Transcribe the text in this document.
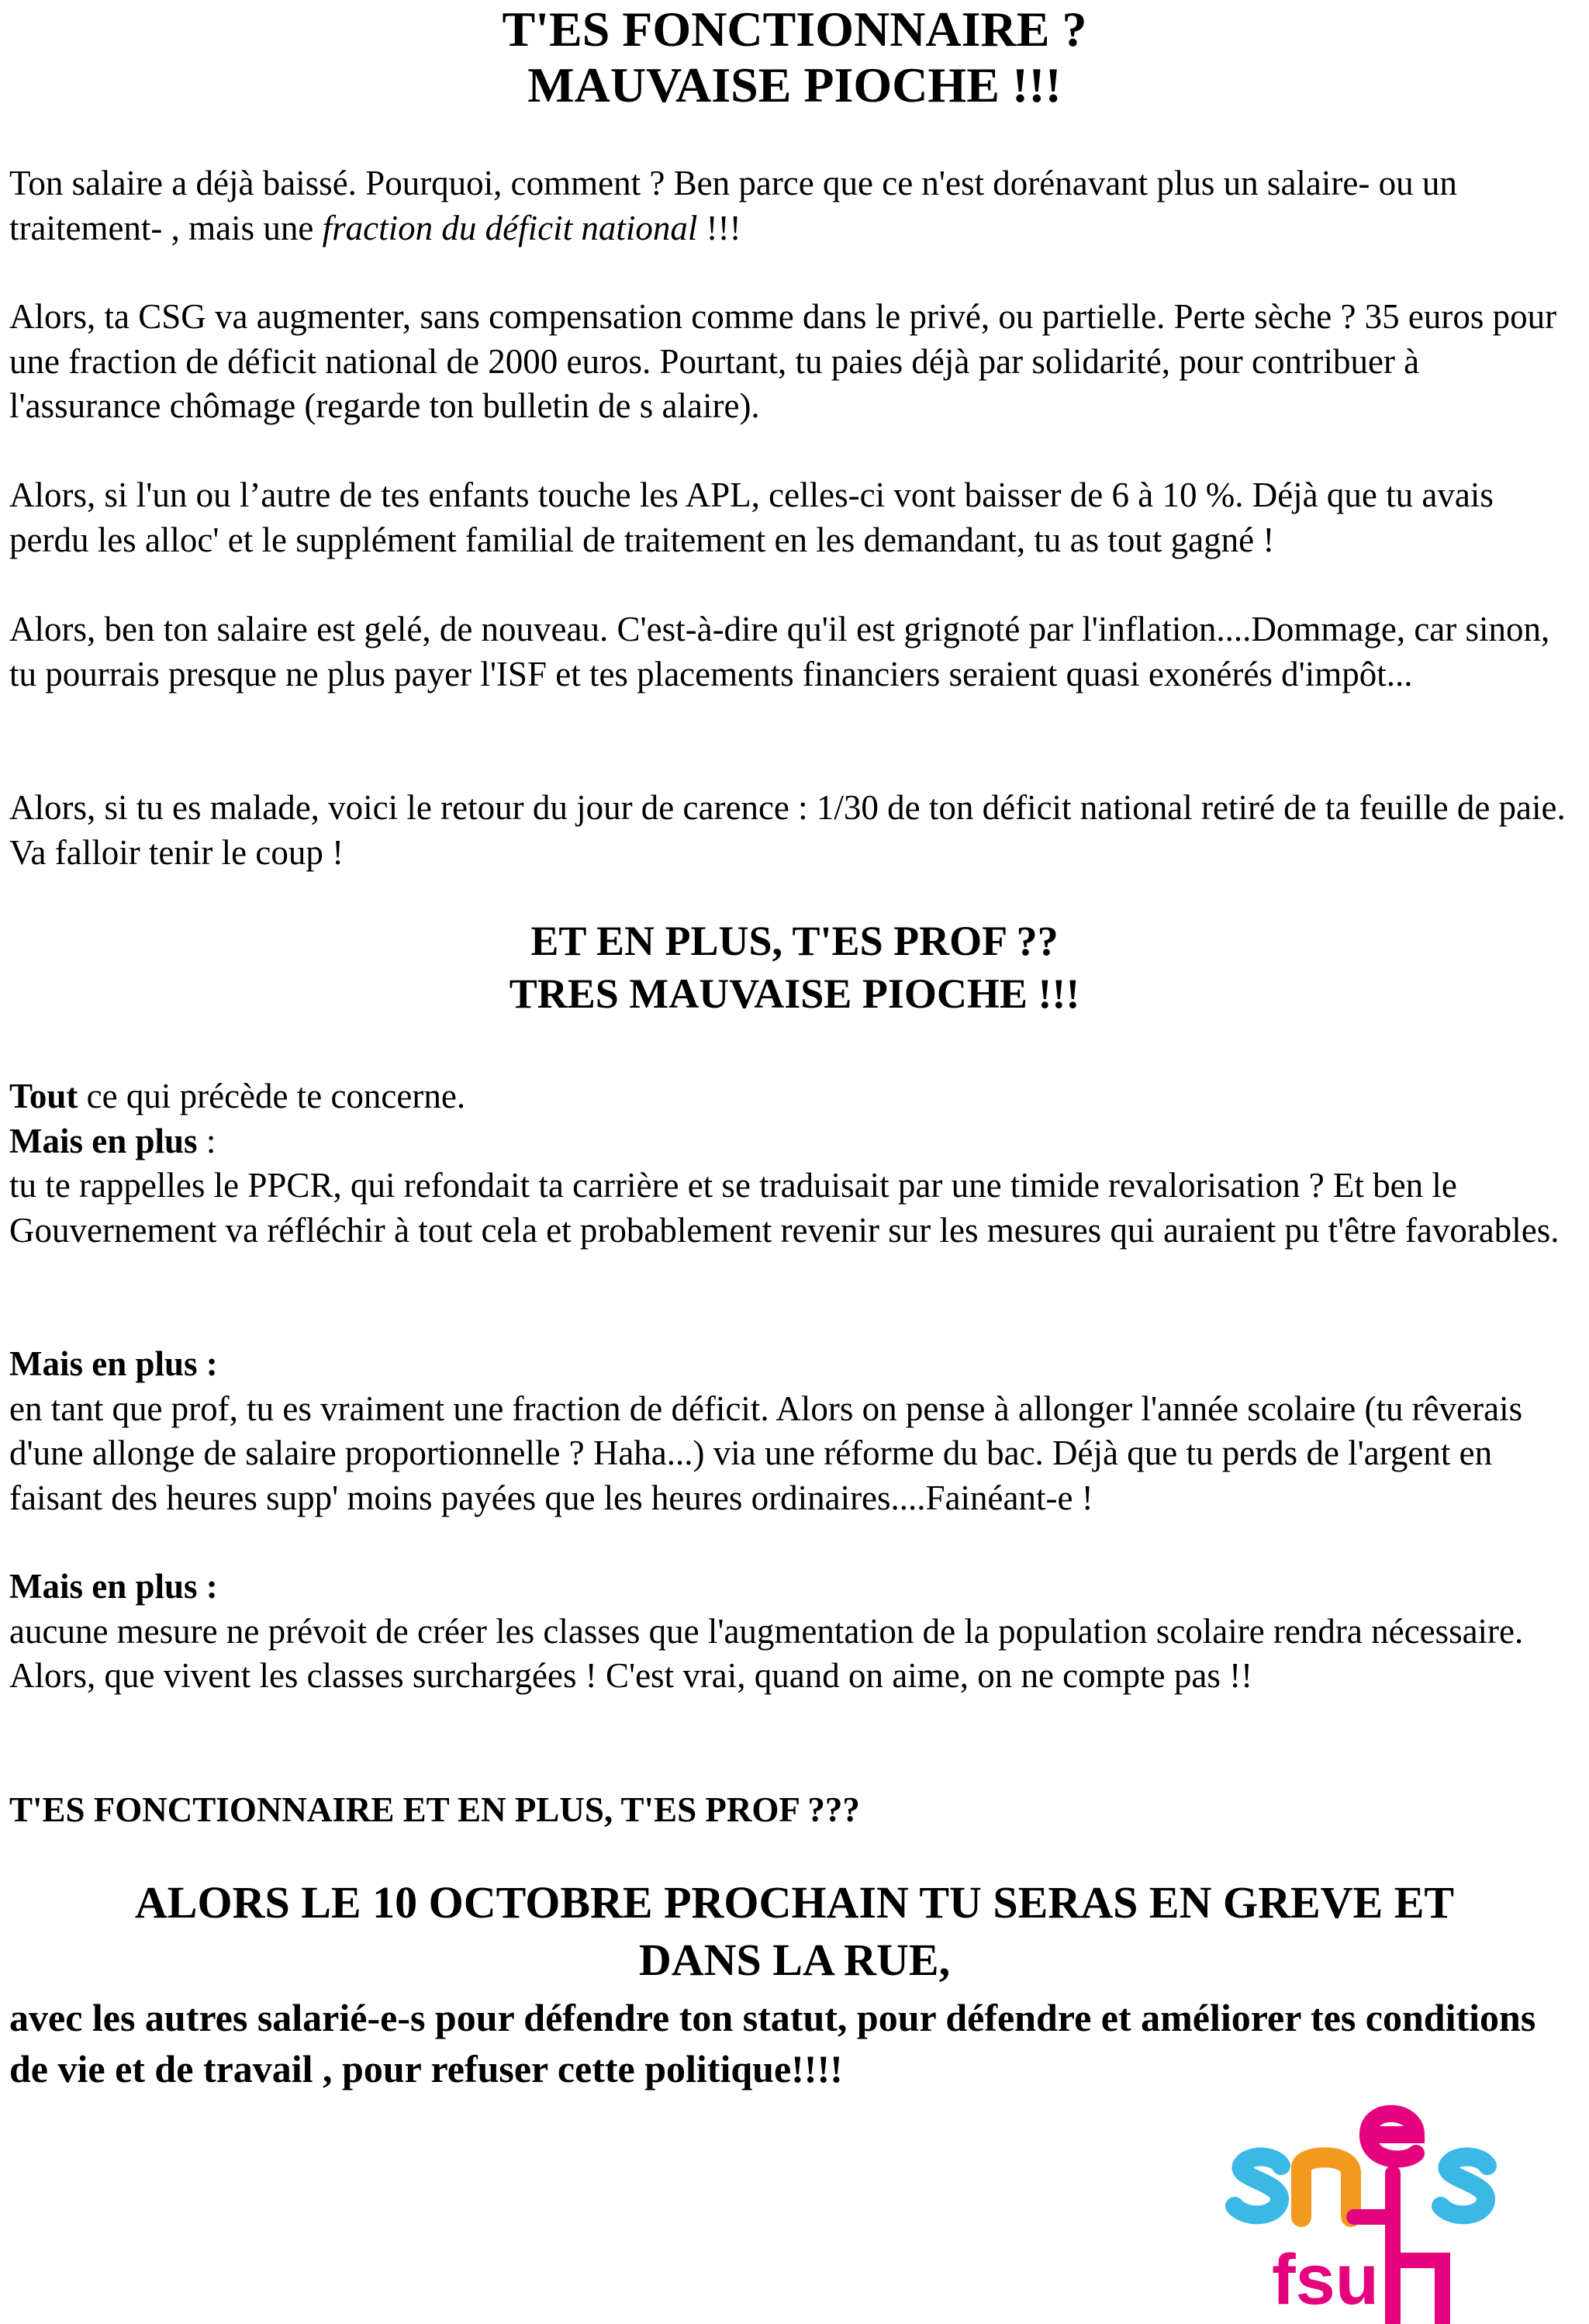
T'ES FONCTIONNAIRE ?
MAUVAISE PIOCHE !!!

Ton salaire a déjà baissé. Pourquoi, comment ? Ben parce que ce n'est dorénavant plus un salaire- ou un traitement- , mais une fraction du déficit national !!!

Alors, ta CSG va augmenter, sans compensation comme dans le privé, ou partielle. Perte sèche ? 35 euros pour une fraction de déficit national de 2000 euros. Pourtant, tu paies déjà par solidarité, pour contribuer à l'assurance chômage (regarde ton bulletin de s alaire).

Alors, si l'un ou l’autre de tes enfants touche les APL, celles-ci vont baisser de 6 à 10 %. Déjà que tu avais perdu les alloc' et le supplément familial de traitement en les demandant, tu as tout gagné !

Alors, ben ton salaire est gelé, de nouveau. C'est-à-dire qu'il est grignoté par l'inflation....Dommage, car sinon, tu pourrais presque ne plus payer l'ISF et tes placements financiers seraient quasi exonérés d'impôt...

Alors, si tu es malade, voici le retour du jour de carence : 1/30 de ton déficit national retiré de ta feuille de paie. Va falloir tenir le coup !

ET EN PLUS, T'ES PROF ??
TRES MAUVAISE PIOCHE !!!

Tout ce qui précède te concerne.
Mais en plus :
tu te rappelles le PPCR, qui refondait ta carrière et se traduisait par une timide revalorisation ? Et ben le Gouvernement va réfléchir à tout cela et probablement revenir sur les mesures qui auraient pu t'être favorables.

Mais en plus :
en tant que prof, tu es vraiment une fraction de déficit. Alors on pense à allonger l'année scolaire (tu rêverais d'une allonge de salaire proportionnelle ? Haha...) via une réforme du bac. Déjà que tu perds de l'argent en faisant des heures supp' moins payées que les heures ordinaires....Fainéant-e !

Mais en plus :
aucune mesure ne prévoit de créer les classes que l'augmentation de la population scolaire rendra nécessaire. Alors, que vivent les classes surchargées ! C'est vrai, quand on aime, on ne compte pas !!

T'ES FONCTIONNAIRE ET EN PLUS, T'ES PROF ???

ALORS LE 10 OCTOBRE PROCHAIN TU SERAS EN GREVE ET
DANS LA RUE,

avec les autres salarié-e-s pour défendre ton statut, pour défendre et améliorer tes conditions de vie et de travail , pour refuser cette politique!!!!

fsu
